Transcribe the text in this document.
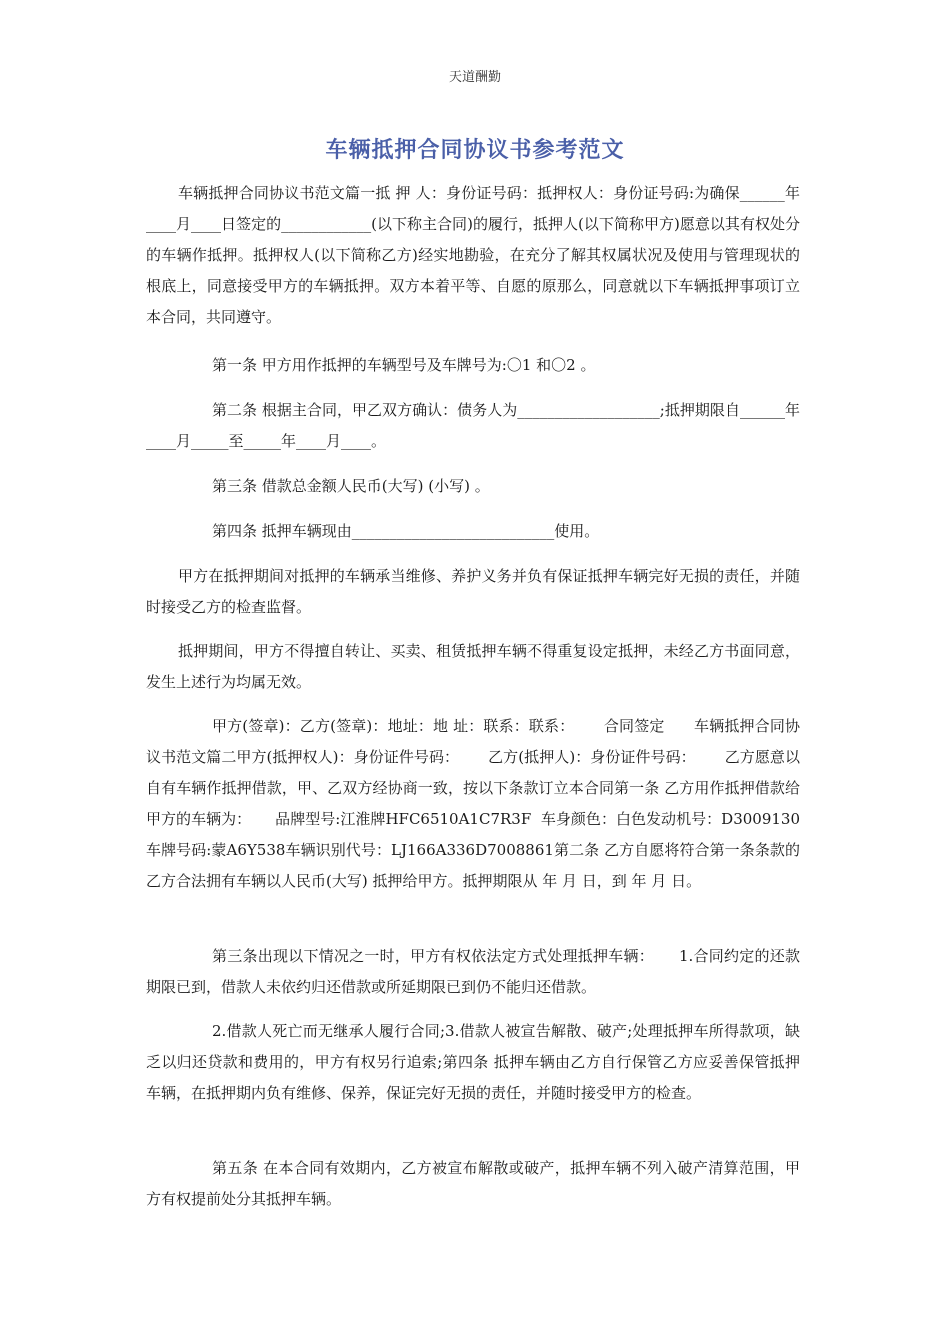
天道酬勤
车辆抵押合同协议书参考范文

车辆抵押合同协议书范文篇一抵 押 人：身份证号码：抵押权人：身份证号码:为确保______年____月____日签定的____________(以下称主合同)的履行，抵押人(以下简称甲方)愿意以其有权处分的车辆作抵押。抵押权人(以下简称乙方)经实地勘验，在充分了解其权属状况及使用与管理现状的根底上，同意接受甲方的车辆抵押。双方本着平等、自愿的原那么，同意就以下车辆抵押事项订立本合同，共同遵守。

第一条 甲方用作抵押的车辆型号及车牌号为:〇1 和〇2 。

第二条 根据主合同，甲乙双方确认：债务人为___________________;抵押期限自______年____月_____至_____年____月____。

第三条 借款总金额人民币(大写) (小写) 。

第四条 抵押车辆现由___________________________使用。

甲方在抵押期间对抵押的车辆承当维修、养护义务并负有保证抵押车辆完好无损的责任，并随时接受乙方的检查监督。

抵押期间，甲方不得擅自转让、买卖、租赁抵押车辆不得重复设定抵押，未经乙方书面同意，发生上述行为均属无效。

甲方(签章)：乙方(签章)：地址：地 址：联系：联系：      合同签定      车辆抵押合同协议书范文篇二甲方(抵押权人)：身份证件号码：      乙方(抵押人)：身份证件号码：      乙方愿意以自有车辆作抵押借款，甲、乙双方经协商一致，按以下条款订立本合同第一条 乙方用作抵押借款给甲方的车辆为：     品牌型号:江淮牌HFC6510A1C7R3F  车身颜色：白色发动机号：D3009130 车牌号码:蒙A6Y538车辆识别代号：LJ166A336D7008861第二条 乙方自愿将符合第一条条款的乙方合法拥有车辆以人民币(大写) 抵押给甲方。抵押期限从 年 月 日，到 年 月 日。

第三条出现以下情况之一时，甲方有权依法定方式处理抵押车辆：     1.合同约定的还款期限已到，借款人未依约归还借款或所延期限已到仍不能归还借款。

2.借款人死亡而无继承人履行合同;3.借款人被宣告解散、破产;处理抵押车所得款项，缺乏以归还贷款和费用的，甲方有权另行追索;第四条 抵押车辆由乙方自行保管乙方应妥善保管抵押车辆，在抵押期内负有维修、保养，保证完好无损的责任，并随时接受甲方的检查。

第五条 在本合同有效期内，乙方被宣布解散或破产，抵押车辆不列入破产清算范围，甲方有权提前处分其抵押车辆。
